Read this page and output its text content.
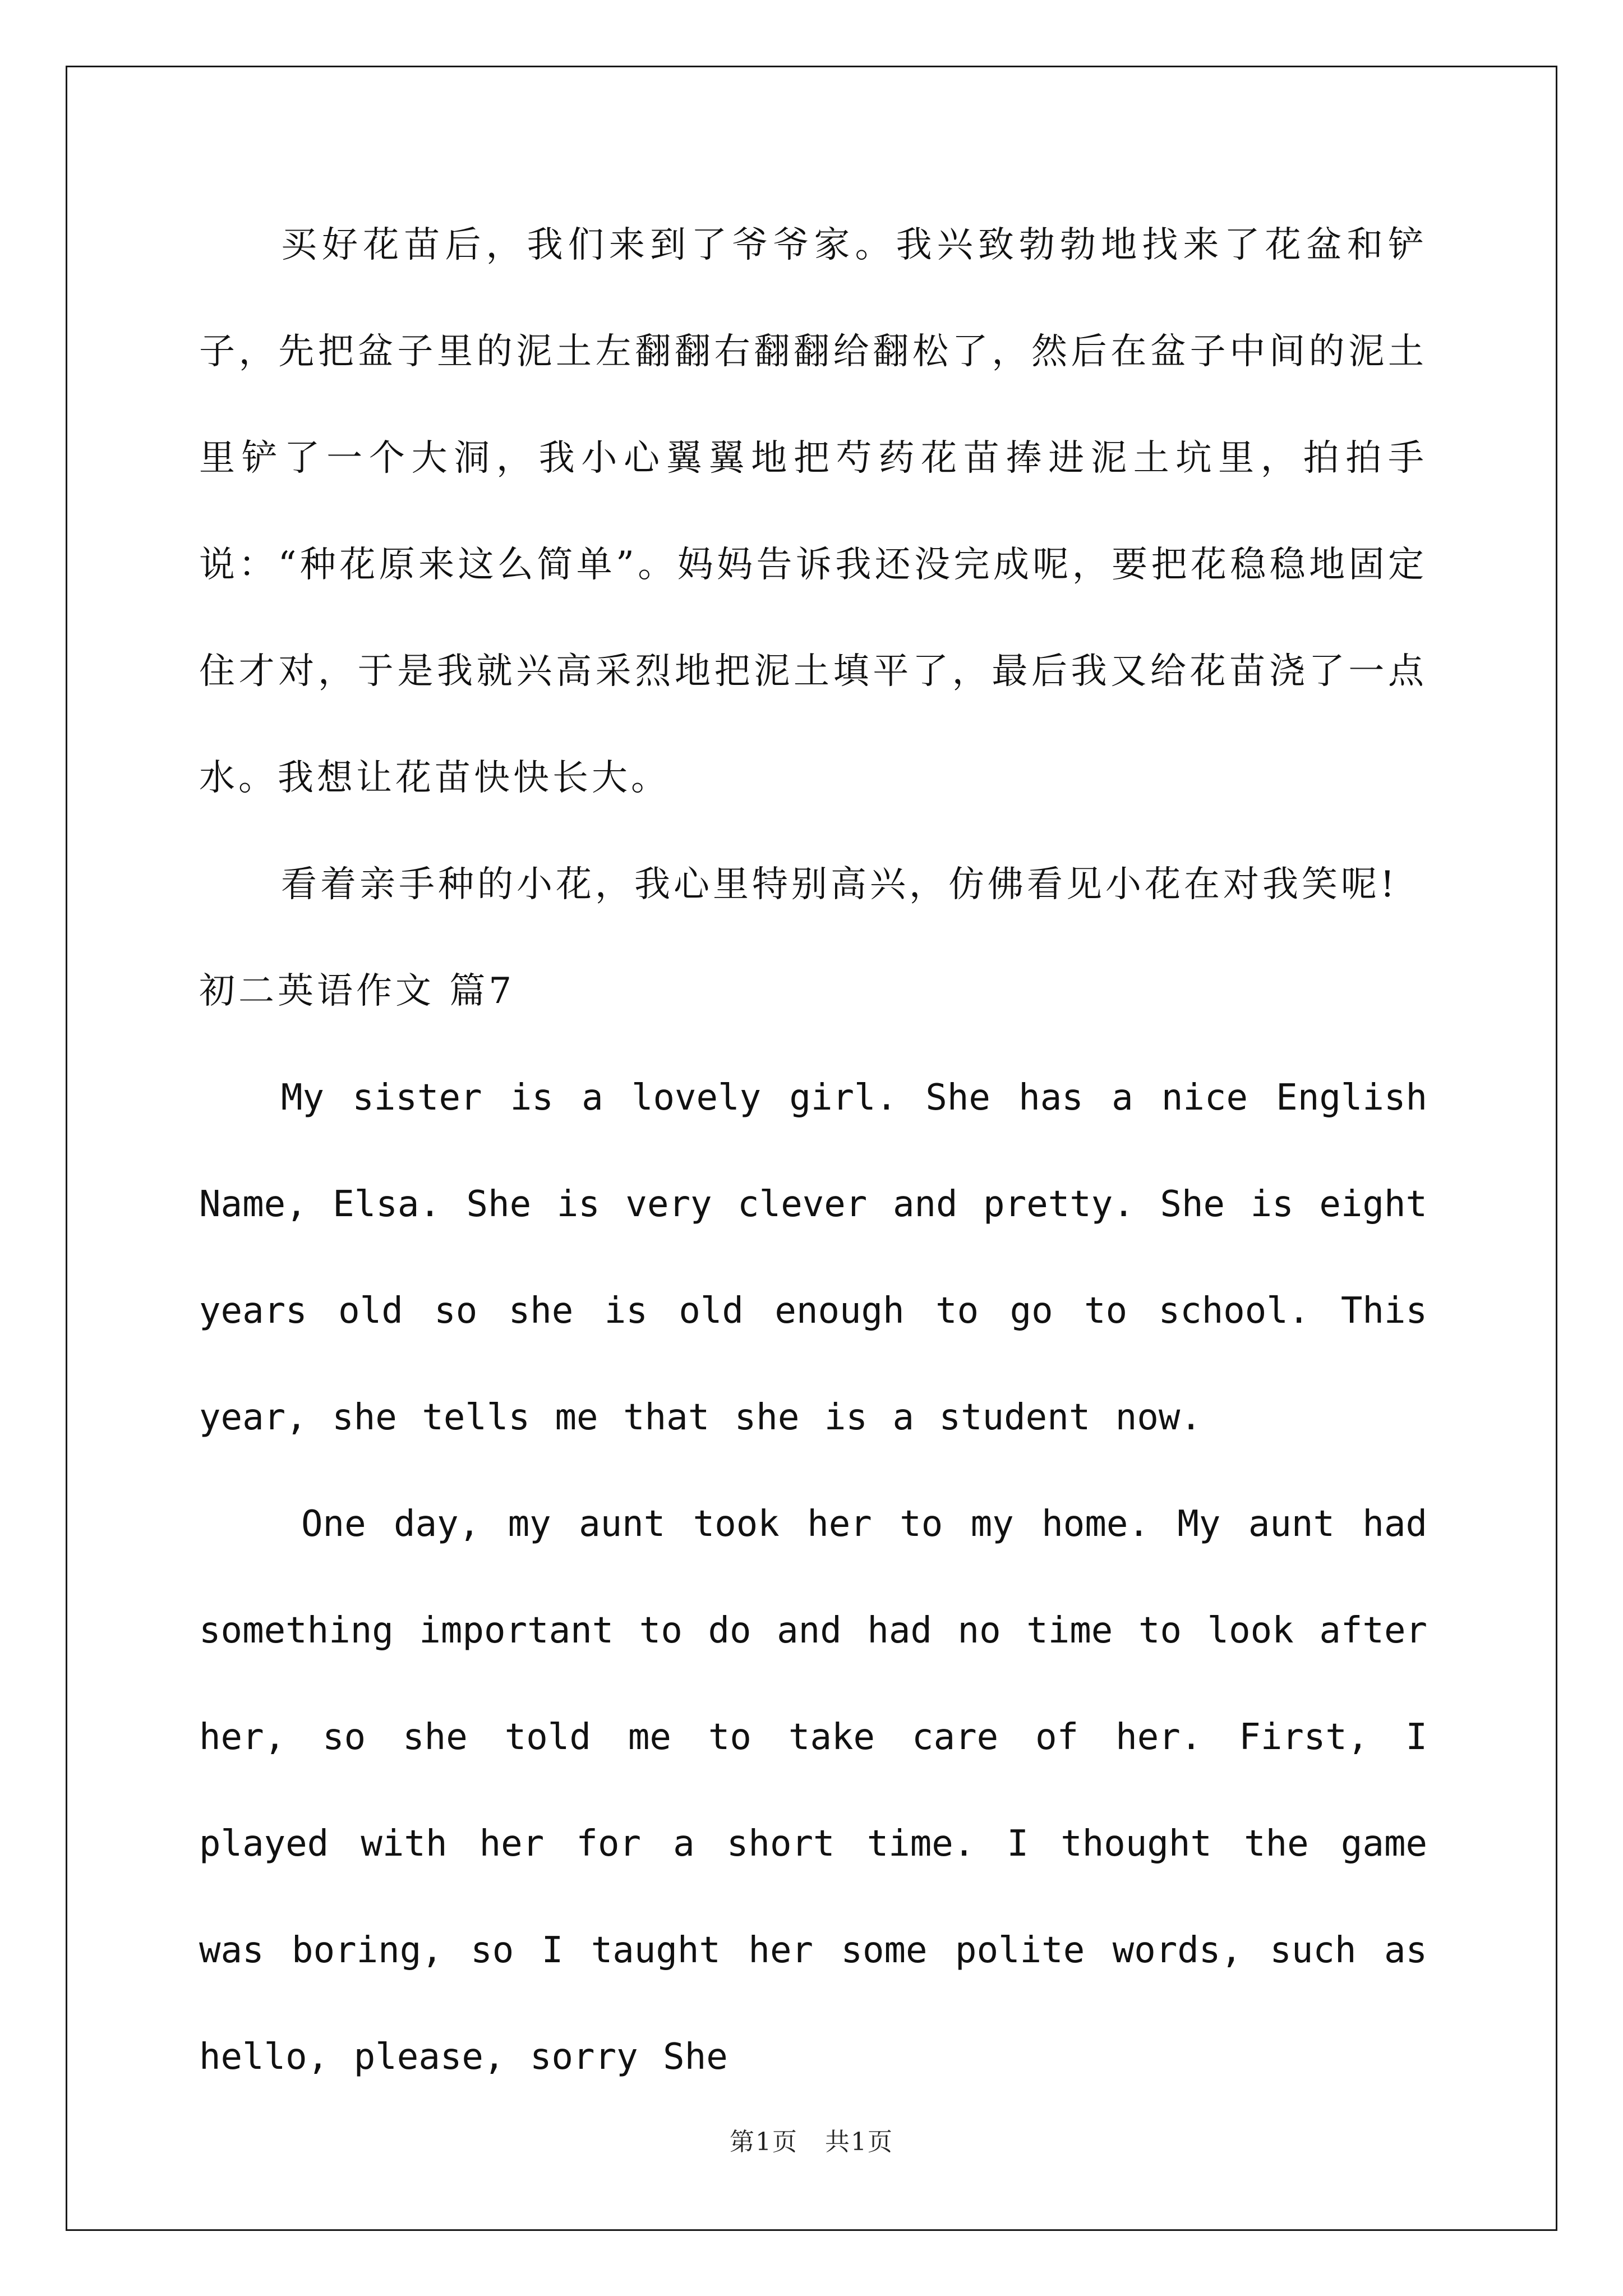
买好花苗后，我们来到了爷爷家。我兴致勃勃地找来了花盆和铲子，先把盆子里的泥土左翻翻右翻翻给翻松了，然后在盆子中间的泥土里铲了一个大洞，我小心翼翼地把芍药花苗捧进泥土坑里，拍拍手说：“种花原来这么简单”。妈妈告诉我还没完成呢，要把花稳稳地固定住才对，于是我就兴高采烈地把泥土填平了，最后我又给花苗浇了一点水。我想让花苗快快长大。

看着亲手种的小花，我心里特别高兴，仿佛看见小花在对我笑呢!

初二英语作文 篇7

My sister is a lovely girl. She has a nice English Name, Elsa. She is very clever and pretty. She is eight years old so she is old enough to go to school. This year, she tells me that she is a student now.

One day, my aunt took her to my home. My aunt had something important to do and had no time to look after her, so she told me to take care of her. First, I played with her for a short time. I thought the game was boring, so I taught her some polite words, such as hello, please, sorry She

第1页 共1页
